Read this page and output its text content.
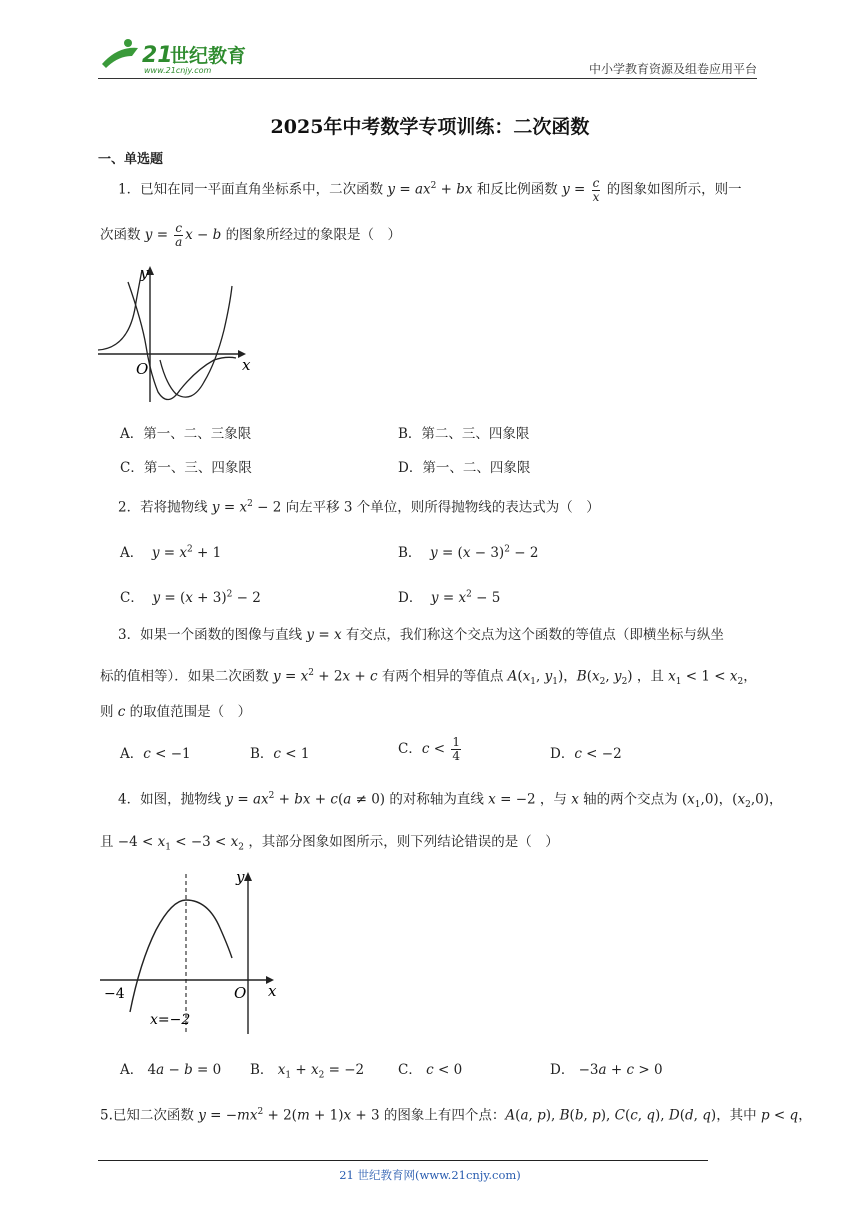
21
世纪教育
www.21cnjy.com	中小学教育资源及组卷应用平台
2025年中考数学专项训练：二次函数
一、单选题
1．已知在同一平面直角坐标系中，二次函数 $y = ax^2$ + bx 和反比例函数 $y = \frac{c}{x}$ 的图象如图所示，则一
次函数 $y = \frac{c}{a}$ x − b 的图象所经过的象限是（　）
y
x
O
A．第一、二、三象限	B．第二、三、四象限
C．第一、三、四象限	D．第一、二、四象限
2．若将抛物线 $y = x^2 - 2$ 向左平移 3 个单位，则所得抛物线的表达式为（　）
A． $y = x^2 + 1$	B． $y = (x - 3)^2 - 2$
C． $y = (x + 3)^2 - 2$	D． $y = x^2 - 5$
3．如果一个函数的图像与直线 y = x 有交点，我们称这个交点为这个函数的等值点（即横坐标与纵坐
标的值相等）．如果二次函数 $y = x^2 + 2x + c$ 有两个相异的等值点 $A(x_1$, $y_1$)，$B(x_2$, $y_2$) ，且 $x_1 < 1 < x_2$，
则 c 的取值范围是（　）
A．c < −1	B．c < 1	C．$c < \frac{1}{4}$	D．c < −2
4．如图，抛物线 $y = ax^2$ + bx + c(a ≠ 0) 的对称轴为直线 x = −2 ，与 x 轴的两个交点为 $(x_1,0)$，$(x_2,0)$，
且 $-4 < x_1 < -3 < x_2$ ，其部分图象如图所示，则下列结论错误的是（　）
y
x
O
−4
x=−2
A． 4a − b = 0 B． $x_1 + x_2 = -2$	C． c < 0	D． −3a + c > 0
5.已知二次函数 $y = -mx^2 + 2(m + 1)x + 3$ 的图象上有四个点：A(a, p), B(b, p), C(c, q), D(d, q)，其中 p < q，
21 世纪教育网(www.21cnjy.com)
